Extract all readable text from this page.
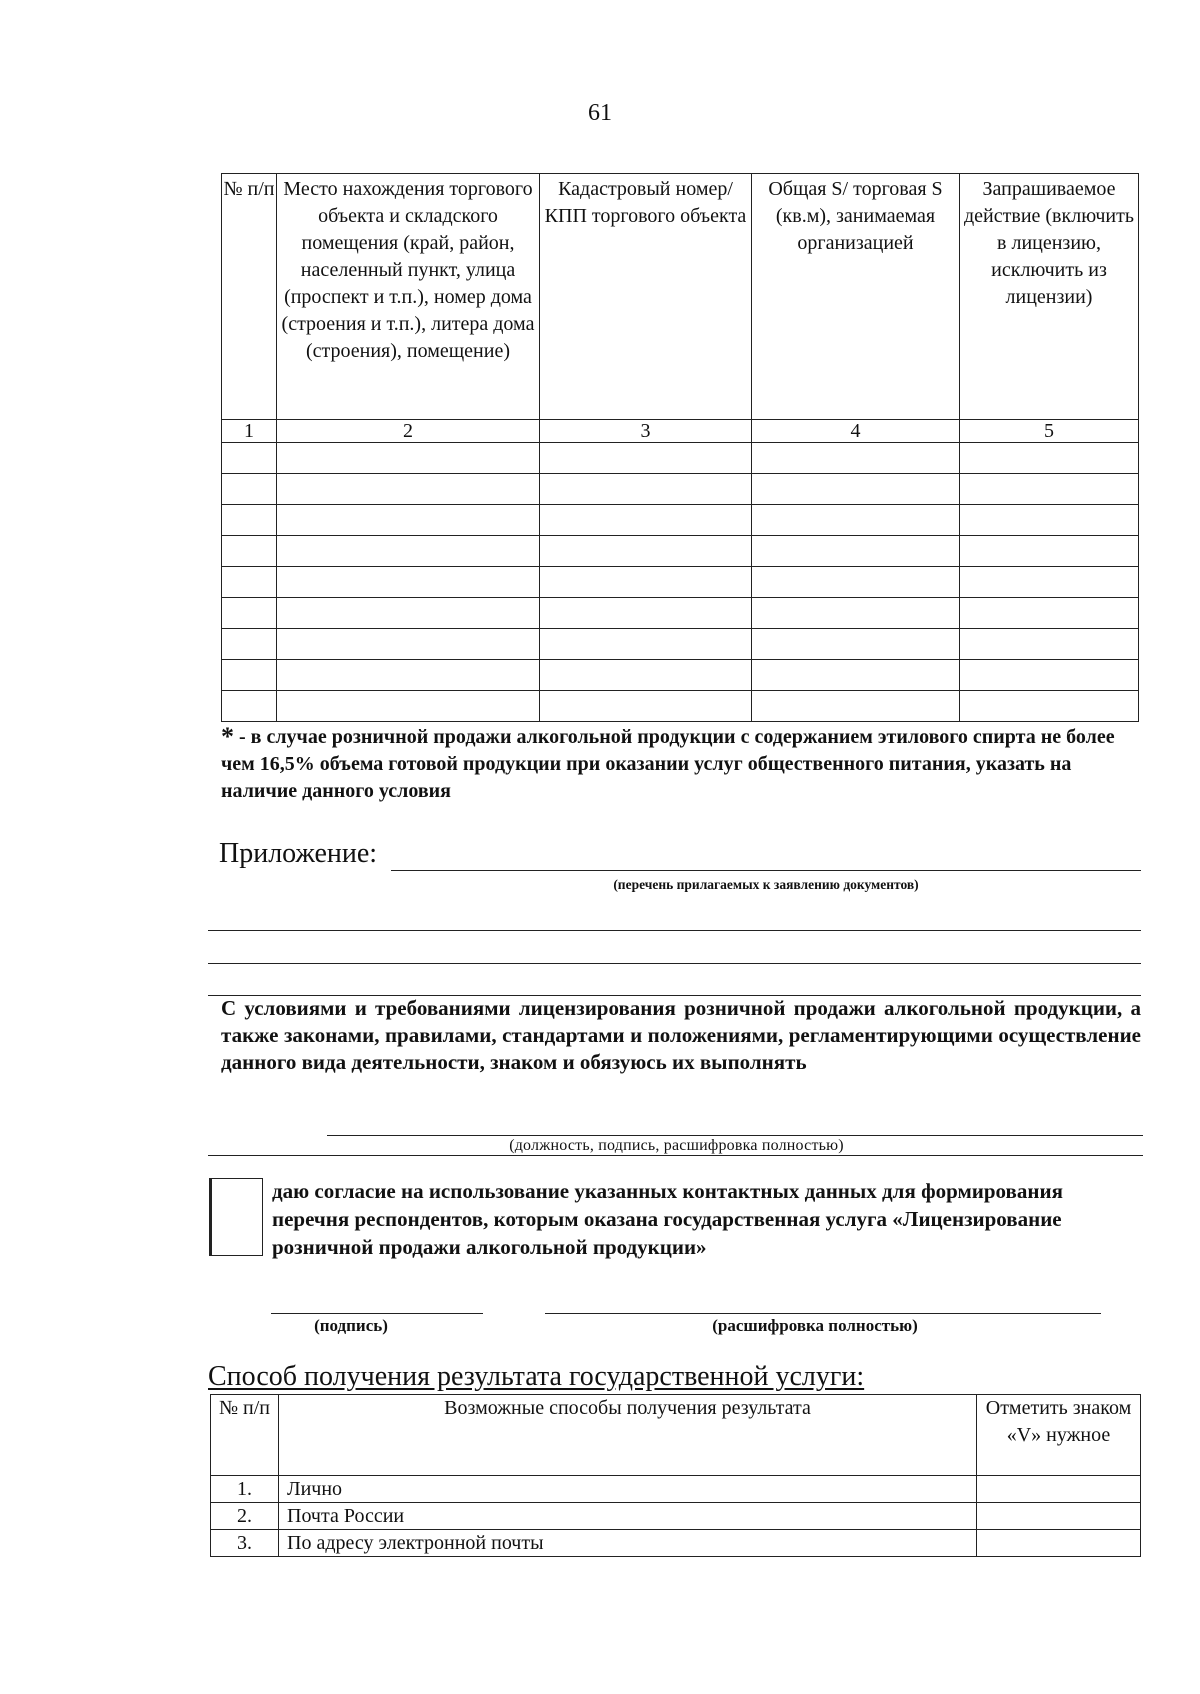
61
№ п/п	Место нахождения торгового объекта и складского помещения (край, район, населенный пункт, улица (проспект и т.п.), номер дома (строения и т.п.), литера дома (строения), помещение)	Кадастровый номер/КПП торгового объекта	Общая S/ торговая S (кв.м), занимаемая организацией	Запрашиваемое действие (включить в лицензию, исключить из лицензии)
1	2	3	4	5

* - в случае розничной продажи алкогольной продукции с содержанием этилового спирта не более чем 16,5% объема готовой продукции при оказании услуг общественного питания, указать на наличие данного условия
Приложение:
(перечень прилагаемых к заявлению документов)
С условиями и требованиями лицензирования розничной продажи алкогольной продукции, а также законами, правилами, стандартами и положениями, регламентирующими осуществление данного вида деятельности, знаком и обязуюсь их выполнять
(должность, подпись, расшифровка полностью)
даю согласие на использование указанных контактных данных для формирования перечня респондентов, которым оказана государственная услуга «Лицензирование розничной продажи алкогольной продукции»
(подпись)	(расшифровка полностью)
Способ получения результата государственной услуги:
№ п/п	Возможные способы получения результата	Отметить знаком «V» нужное
1.	Лично	
2.	Почта России	
3.	По адресу электронной почты	
